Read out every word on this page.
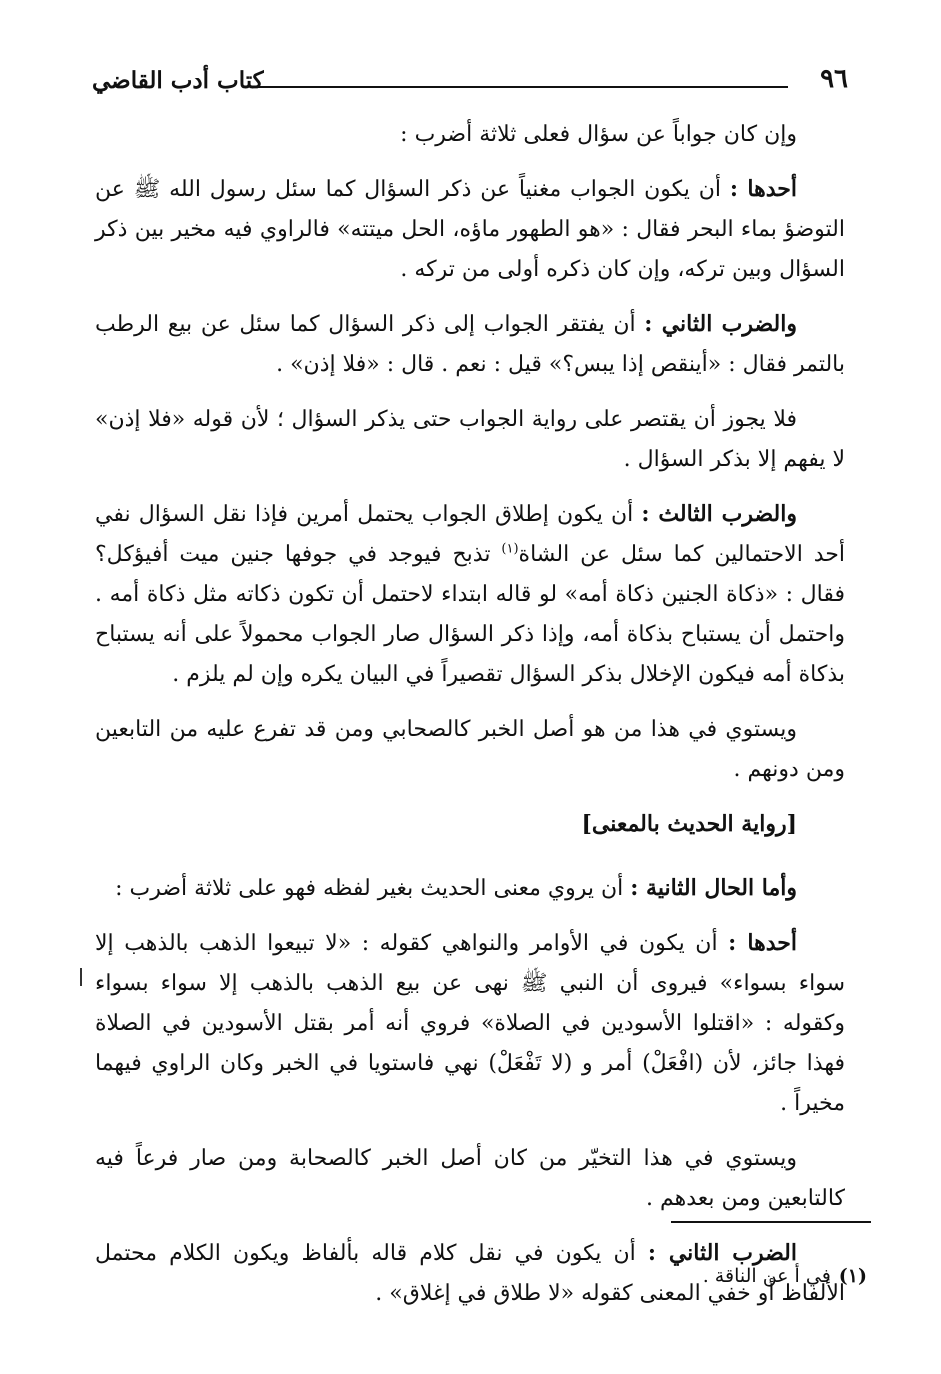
٩٦
كتاب أدب القاضي

وإن كان جواباً عن سؤال فعلى ثلاثة أضرب :

أحدها : أن يكون الجواب مغنياً عن ذكر السؤال كما سئل رسول الله ﷺ عن التوضؤ بماء البحر فقال : «هو الطهور ماؤه، الحل ميتته» فالراوي فيه مخير بين ذكر السؤال وبين تركه، وإن كان ذكره أولى من تركه .

والضرب الثاني : أن يفتقر الجواب إلى ذكر السؤال كما سئل عن بيع الرطب بالتمر فقال : «أينقص إذا يبس؟» قيل : نعم . قال : «فلا إذن» .

فلا يجوز أن يقتصر على رواية الجواب حتى يذكر السؤال ؛ لأن قوله «فلا إذن» لا يفهم إلا بذكر السؤال .

والضرب الثالث : أن يكون إطلاق الجواب يحتمل أمرين فإذا نقل السؤال نفي أحد الاحتمالين كما سئل عن الشاة$^{(١)}$ تذبح فيوجد في جوفها جنين ميت أفيؤكل؟ فقال : «ذكاة الجنين ذكاة أمه» لو قاله ابتداء لاحتمل أن تكون ذكاته مثل ذكاة أمه . واحتمل أن يستباح بذكاة أمه، وإذا ذكر السؤال صار الجواب محمولاً على أنه يستباح بذكاة أمه فيكون الإخلال بذكر السؤال تقصيراً في البيان يكره وإن لم يلزم .

ويستوي في هذا من هو أصل الخبر كالصحابي ومن قد تفرع عليه من التابعين ومن دونهم .

[رواية الحديث بالمعنى]

وأما الحال الثانية : أن يروي معنى الحديث بغير لفظه فهو على ثلاثة أضرب :

أحدها : أن يكون في الأوامر والنواهي كقوله : «لا تبيعوا الذهب بالذهب إلا سواء بسواء» فيروى أن النبي ﷺ نهى عن بيع الذهب بالذهب إلا سواء بسواء وكقوله : «اقتلوا الأسودين في الصلاة» فروي أنه أمر بقتل الأسودين في الصلاة فهذا جائز، لأن (افْعَلْ) أمر و (لا تَفْعَلْ) نهي فاستويا في الخبر وكان الراوي فيهما مخيراً .

ويستوي في هذا التخيّر من كان أصل الخبر كالصحابة ومن صار فرعاً فيه كالتابعين ومن بعدهم .

الضرب الثاني : أن يكون في نقل كلام قاله بألفاظ ويكون الكلام محتمل الألفاظ أو خفي المعنى كقوله «لا طلاق في إغلاق» .

(١)في أ عن الناقة .
